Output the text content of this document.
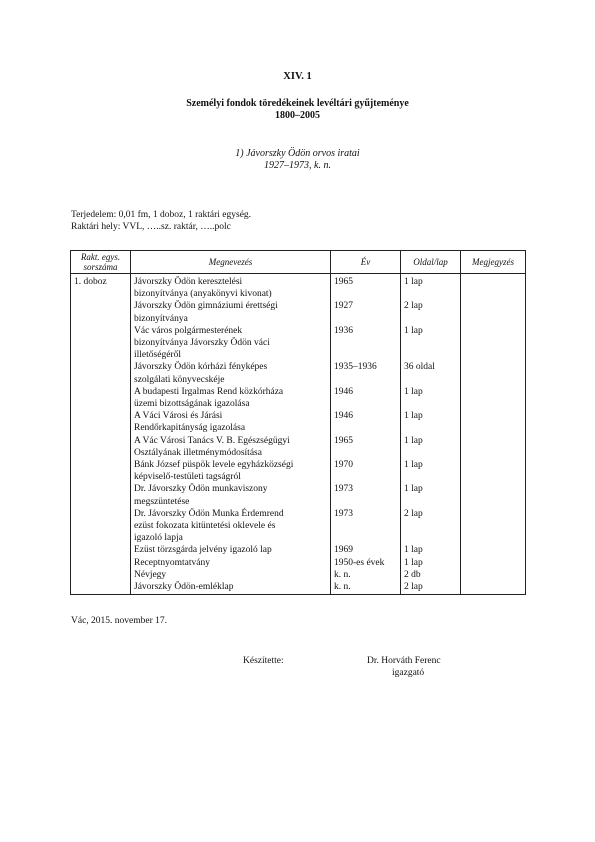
XIV. 1
Személyi fondok töredékeinek levéltári gyűjteménye
1800–2005
1) Jávorszky Ödön orvos iratai
1927–1973, k. n.
Terjedelem: 0,01 fm, 1 doboz, 1 raktári egység.
Raktári hely: VVL, …..sz. raktár, …..polc
Rakt. egys.
sorszáma	Megnevezés	Év	Oldal/lap	Megjegyzés
1. doboz	Jávorszky Ödön keresztelési
bizonyítványa (anyakönyvi kivonat)	1965	1 lap	
	Jávorszky Ödön gimnáziumi érettségi
bizonyítványa	1927	2 lap	
	Vác város polgármesterének
bizonyítványa Jávorszky Ödön váci
illetőségéről	1936	1 lap	
	Jávorszky Ödön kórházi fényképes
szolgálati könyvecskéje	1935–1936	36 oldal	
	A budapesti Irgalmas Rend közkórháza
üzemi bizottságának igazolása	1946	1 lap	
	A Váci Városi és Járási
Rendőrkapitányság igazolása	1946	1 lap	
	A Vác Városi Tanács V. B. Egészségügyi
Osztályának illetménymódosítása	1965	1 lap	
	Bánk József püspök levele egyházközségi
képviselő-testületi tagságról	1970	1 lap	
	Dr. Jávorszky Ödön munkaviszony
megszüntetése	1973	1 lap	
	Dr. Jávorszky Ödön Munka Érdemrend
ezüst fokozata kitüntetési oklevele és
igazoló lapja	1973	2 lap	
	Ezüst törzsgárda jelvény igazoló lap	1969	1 lap	
	Receptnyomtatvány	1950-es évek	1 lap	
	Névjegy	k. n.	2 db	
	Jávorszky Ödön-emléklap	k. n.	2 lap	
Vác, 2015. november 17.
Készítette:	Dr. Horváth Ferenc
igazgató
